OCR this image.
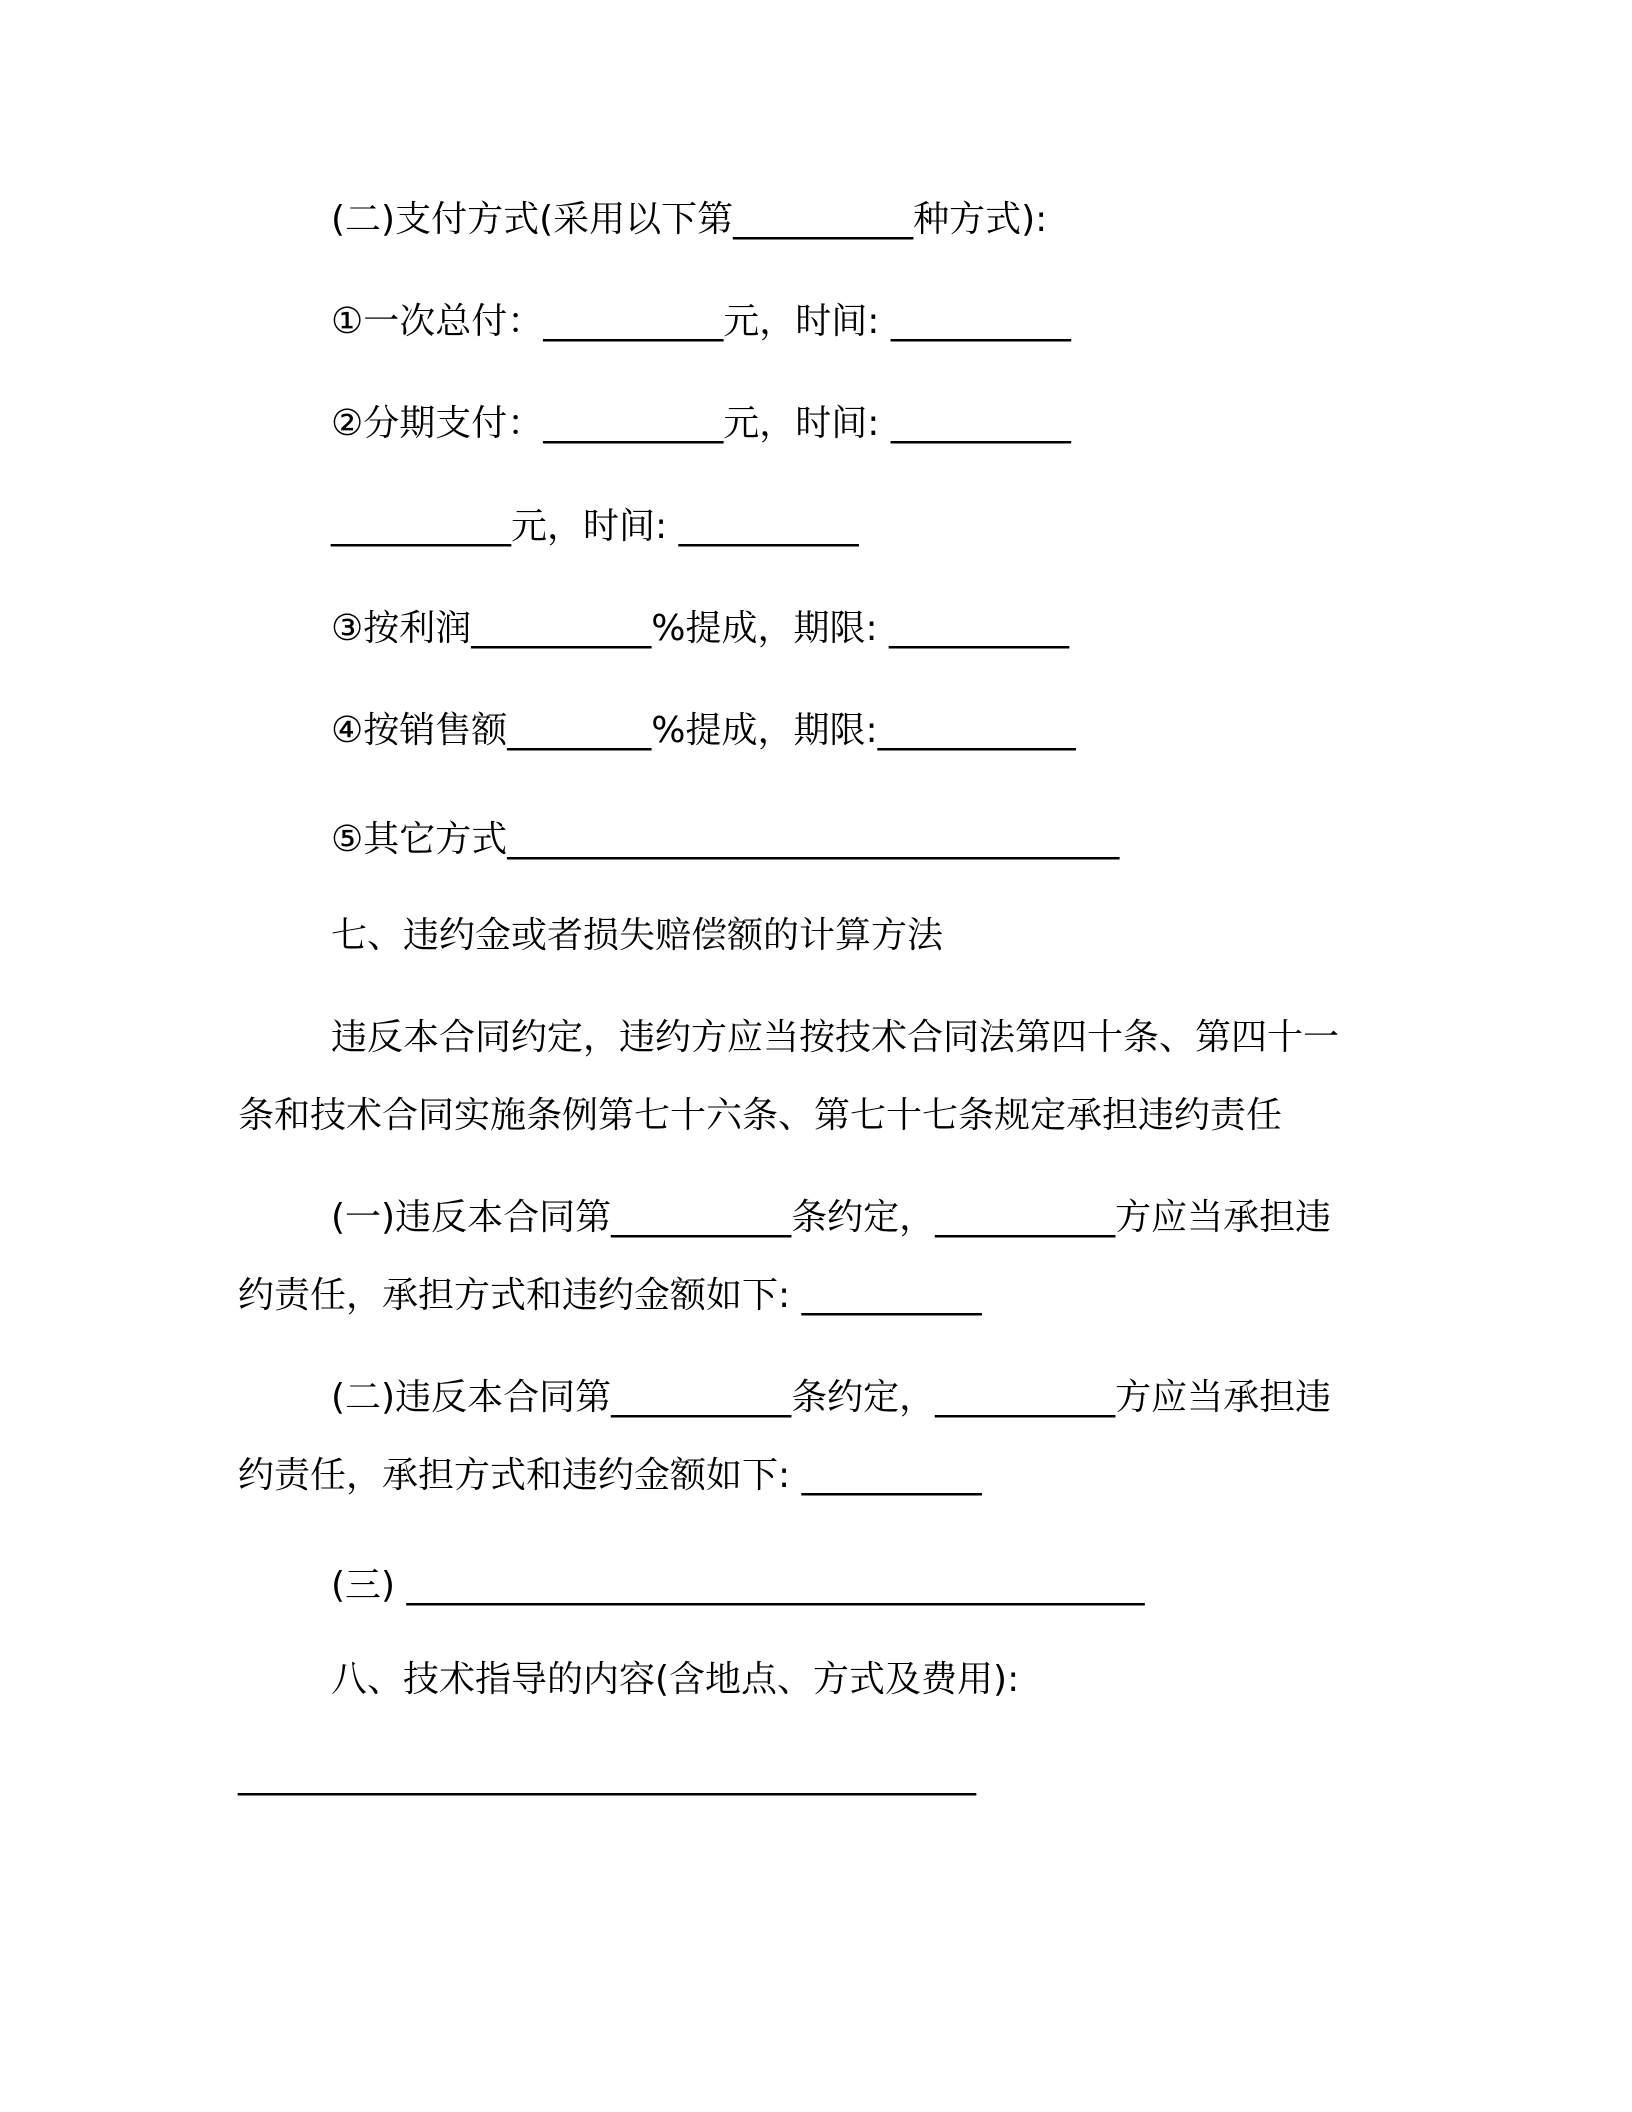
(二)支付方式(采用以下第__________种方式):
①一次总付：__________元，时间: __________
②分期支付：__________元，时间: __________
__________元，时间: __________
③按利润__________%提成，期限: __________
④按销售额________%提成，期限:___________
⑤其它方式__________________________________
七、违约金或者损失赔偿额的计算方法
违反本合同约定，违约方应当按技术合同法第四十条、第四十一
条和技术合同实施条例第七十六条、第七十七条规定承担违约责任
(一)违反本合同第__________条约定，__________方应当承担违
约责任，承担方式和违约金额如下: __________
(二)违反本合同第__________条约定，__________方应当承担违
约责任，承担方式和违约金额如下: __________
(三) _________________________________________
八、技术指导的内容(含地点、方式及费用):
_________________________________________
